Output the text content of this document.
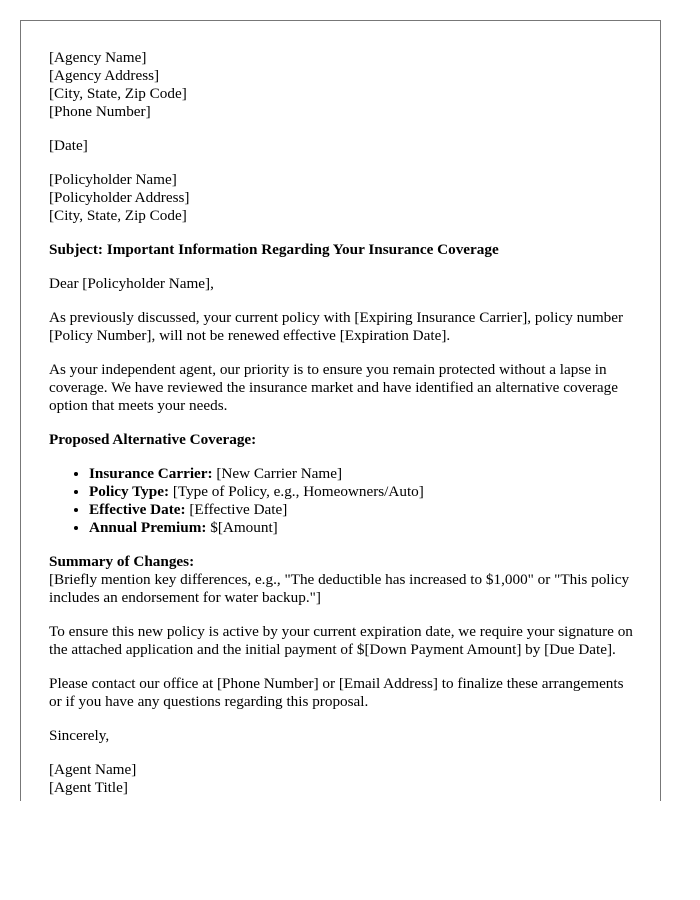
[Agency Name]
[Agency Address]
[City, State, Zip Code]
[Phone Number]
[Date]
[Policyholder Name]
[Policyholder Address]
[City, State, Zip Code]
Subject: Important Information Regarding Your Insurance Coverage
Dear [Policyholder Name],
As previously discussed, your current policy with [Expiring Insurance Carrier], policy number [Policy Number], will not be renewed effective [Expiration Date].
As your independent agent, our priority is to ensure you remain protected without a lapse in coverage. We have reviewed the insurance market and have identified an alternative coverage option that meets your needs.
Proposed Alternative Coverage:
• Insurance Carrier: [New Carrier Name]
• Policy Type: [Type of Policy, e.g., Homeowners/Auto]
• Effective Date: [Effective Date]
• Annual Premium: $[Amount]
Summary of Changes:
[Briefly mention key differences, e.g., "The deductible has increased to $1,000" or "This policy includes an endorsement for water backup."]
To ensure this new policy is active by your current expiration date, we require your signature on the attached application and the initial payment of $[Down Payment Amount] by [Due Date].
Please contact our office at [Phone Number] or [Email Address] to finalize these arrangements or if you have any questions regarding this proposal.
Sincerely,
[Agent Name]
[Agent Title]
